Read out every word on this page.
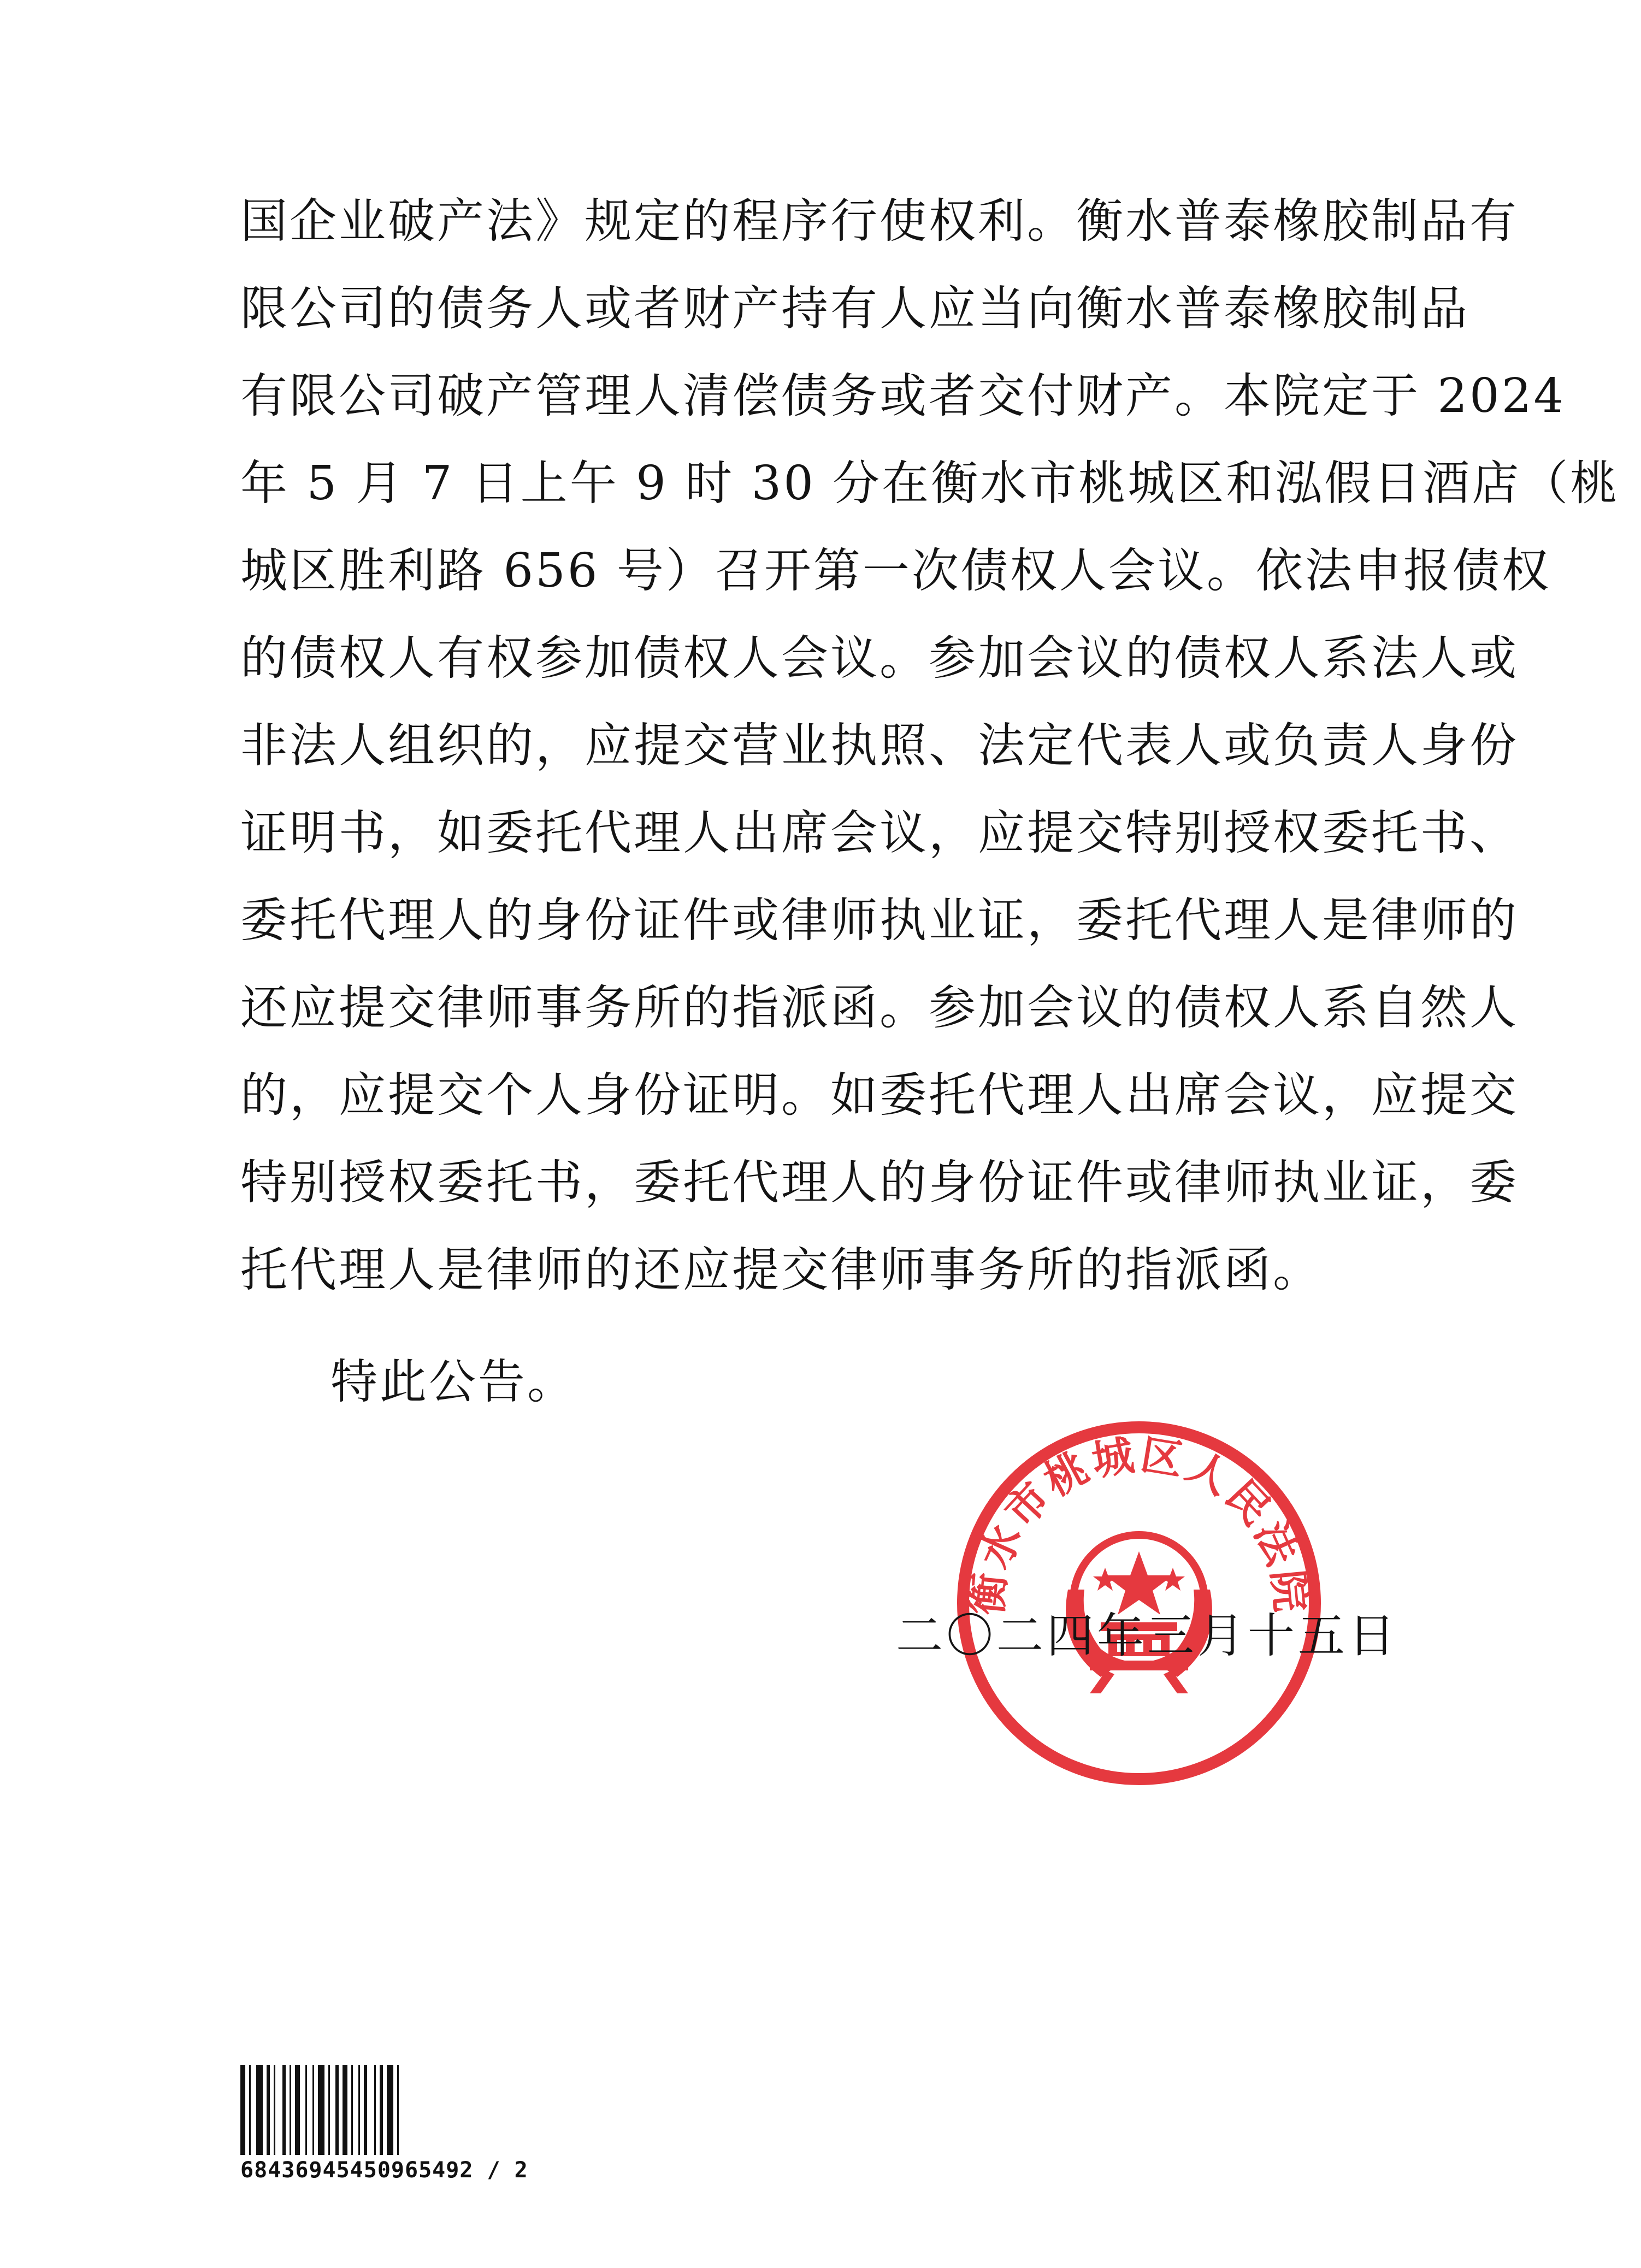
国企业破产法》规定的程序行使权利。衡水普泰橡胶制品有
限公司的债务人或者财产持有人应当向衡水普泰橡胶制品
有限公司破产管理人清偿债务或者交付财产。本院定于 2024
年 5 月 7 日上午 9 时 30 分在衡水市桃城区和泓假日酒店（桃
城区胜利路 656 号）召开第一次债权人会议。依法申报债权
的债权人有权参加债权人会议。参加会议的债权人系法人或
非法人组织的，应提交营业执照、法定代表人或负责人身份
证明书，如委托代理人出席会议，应提交特别授权委托书、
委托代理人的身份证件或律师执业证，委托代理人是律师的
还应提交律师事务所的指派函。参加会议的债权人系自然人
的，应提交个人身份证明。如委托代理人出席会议，应提交
特别授权委托书，委托代理人的身份证件或律师执业证，委
托代理人是律师的还应提交律师事务所的指派函。
特此公告。
衡水市桃城区人民法院
二〇二四年三月十五日
68436945450965492 / 2
